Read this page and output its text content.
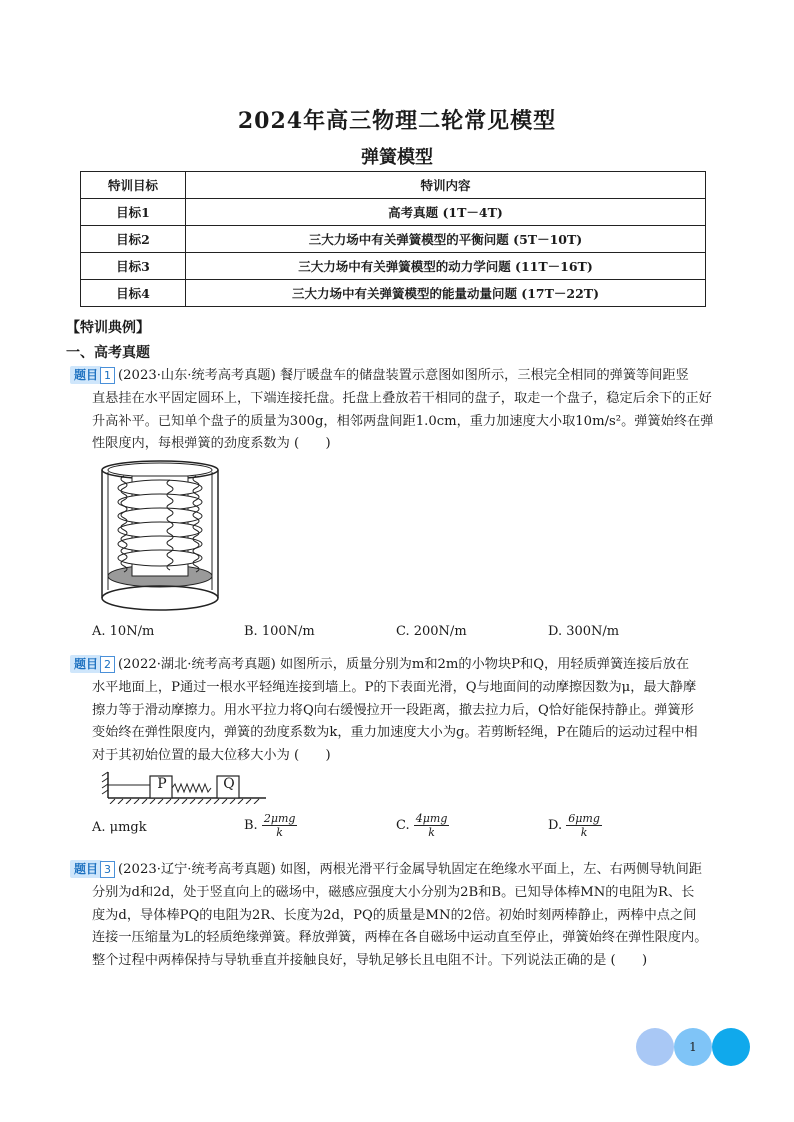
2024年高三物理二轮常见模型
弹簧模型
特训目标	特训内容
目标1	高考真题 (1T－4T)
目标2	三大力场中有关弹簧模型的平衡问题 (5T－10T)
目标3	三大力场中有关弹簧模型的动力学问题 (11T－16T)
目标4	三大力场中有关弹簧模型的能量动量问题 (17T－22T)
【特训典例】
一、高考真题
题目 1 (2023·山东·统考高考真题) 餐厅暖盘车的储盘装置示意图如图所示，三根完全相同的弹簧等间距竖
直悬挂在水平固定圆环上，下端连接托盘。托盘上叠放若干相同的盘子，取走一个盘子，稳定后余下的正好
升高补平。已知单个盘子的质量为300g，相邻两盘间距1.0cm，重力加速度大小取10m/s²。弹簧始终在弹
性限度内，每根弹簧的劲度系数为 (　　)
A. 10N/m	B. 100N/m	C. 200N/m	D. 300N/m
题目 2 (2022·湖北·统考高考真题) 如图所示，质量分别为m和2m的小物块P和Q，用轻质弹簧连接后放在
水平地面上，P通过一根水平轻绳连接到墙上。P的下表面光滑，Q与地面间的动摩擦因数为μ，最大静摩
擦力等于滑动摩擦力。用水平拉力将Q向右缓慢拉开一段距离，撤去拉力后，Q恰好能保持静止。弹簧形
变始终在弹性限度内，弹簧的劲度系数为k，重力加速度大小为g。若剪断轻绳，P在随后的运动过程中相
对于其初始位置的最大位移大小为 (　　)
P	Q
A. μmgk	B. $\frac{\text{2μmg}}{k}$	C. $\frac{\text{4μmg}}{k}$	D. $\frac{\text{6μmg}}{k}$
题目 3 (2023·辽宁·统考高考真题) 如图，两根光滑平行金属导轨固定在绝缘水平面上，左、右两侧导轨间距
分别为d和2d，处于竖直向上的磁场中，磁感应强度大小分别为2B和B。已知导体棒MN的电阻为R、长
度为d，导体棒PQ的电阻为2R、长度为2d，PQ的质量是MN的2倍。初始时刻两棒静止，两棒中点之间
连接一压缩量为L的轻质绝缘弹簧。释放弹簧，两棒在各自磁场中运动直至停止，弹簧始终在弹性限度内。
整个过程中两棒保持与导轨垂直并接触良好，导轨足够长且电阻不计。下列说法正确的是 (　　)
1
